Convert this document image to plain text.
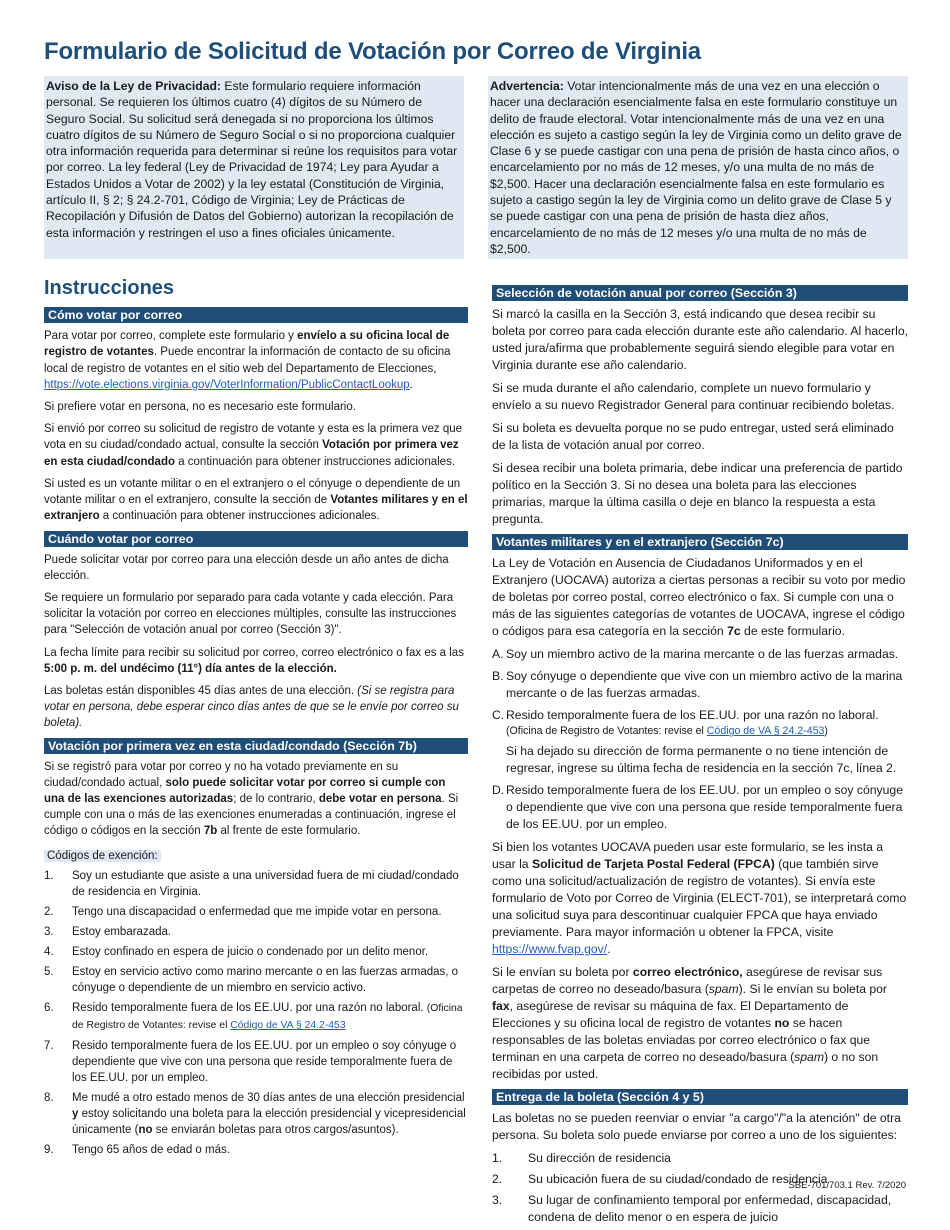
Formulario de Solicitud de Votación por Correo de Virginia
Aviso de la Ley de Privacidad: Este formulario requiere información personal. Se requieren los últimos cuatro (4) dígitos de su Número de Seguro Social. Su solicitud será denegada si no proporciona los últimos cuatro dígitos de su Número de Seguro Social o si no proporciona cualquier otra información requerida para determinar si reúne los requisitos para votar por correo. La ley federal (Ley de Privacidad de 1974; Ley para Ayudar a Estados Unidos a Votar de 2002) y la ley estatal (Constitución de Virginia, artículo II, § 2; § 24.2-701, Código de Virginia; Ley de Prácticas de Recopilación y Difusión de Datos del Gobierno) autorizan la recopilación de esta información y restringen el uso a fines oficiales únicamente.
Advertencia: Votar intencionalmente más de una vez en una elección o hacer una declaración esencialmente falsa en este formulario constituye un delito de fraude electoral. Votar intencionalmente más de una vez en una elección es sujeto a castigo según la ley de Virginia como un delito grave de Clase 6 y se puede castigar con una pena de prisión de hasta cinco años, o encarcelamiento por no más de 12 meses, y/o una multa de no más de $2,500. Hacer una declaración esencialmente falsa en este formulario es sujeto a castigo según la ley de Virginia como un delito grave de Clase 5 y se puede castigar con una pena de prisión de hasta diez años, encarcelamiento de no más de 12 meses y/o una multa de no más de $2,500.
Instrucciones
Cómo votar por correo

Para votar por correo, complete este formulario y envíelo a su oficina local de registro de votantes. Puede encontrar la información de contacto de su oficina local de registro de votantes en el sitio web del Departamento de Elecciones, https://vote.elections.virginia.gov/VoterInformation/PublicContactLookup.

Si prefiere votar en persona, no es necesario este formulario.

Si envió por correo su solicitud de registro de votante y esta es la primera vez que vota en su ciudad/condado actual, consulte la sección Votación por primera vez en esta ciudad/condado a continuación para obtener instrucciones adicionales.

Si usted es un votante militar o en el extranjero o el cónyuge o dependiente de un votante militar o en el extranjero, consulte la sección de Votantes militares y en el extranjero a continuación para obtener instrucciones adicionales.

Cuándo votar por correo

Puede solicitar votar por correo para una elección desde un año antes de dicha elección.

Se requiere un formulario por separado para cada votante y cada elección. Para solicitar la votación por correo en elecciones múltiples, consulte las instrucciones para "Selección de votación anual por correo (Sección 3)".

La fecha límite para recibir su solicitud por correo, correo electrónico o fax es a las 5:00 p. m. del undécimo (11°) día antes de la elección.

Las boletas están disponibles 45 días antes de una elección. (Si se registra para votar en persona, debe esperar cinco días antes de que se le envíe por correo su boleta).

Votación por primera vez en esta ciudad/condado (Sección 7b)

Si se registró para votar por correo y no ha votado previamente en su ciudad/condado actual, solo puede solicitar votar por correo si cumple con una de las exenciones autorizadas; de lo contrario, debe votar en persona. Si cumple con una o más de las exenciones enumeradas a continuación, ingrese el código o códigos en la sección 7b al frente de este formulario.

Códigos de exención:
1.	Soy un estudiante que asiste a una universidad fuera de mi ciudad/condado de residencia en Virginia.
2.	Tengo una discapacidad o enfermedad que me impide votar en persona.
3.	Estoy embarazada.
4.	Estoy confinado en espera de juicio o condenado por un delito menor.
5.	Estoy en servicio activo como marino mercante o en las fuerzas armadas, o cónyuge o dependiente de un miembro en servicio activo.
6.	Resido temporalmente fuera de los EE.UU. por una razón no laboral. (Oficina de Registro de Votantes: revise el Código de VA § 24.2-453
7.	Resido temporalmente fuera de los EE.UU. por un empleo o soy cónyuge o dependiente que vive con una persona que reside temporalmente fuera de los EE.UU. por un empleo.
8.	Me mudé a otro estado menos de 30 días antes de una elección presidencial y estoy solicitando una boleta para la elección presidencial y vicepresidencial únicamente (no se enviarán boletas para otros cargos/asuntos).
9.	Tengo 65 años de edad o más.
Selección de votación anual por correo (Sección 3)

Si marcó la casilla en la Sección 3, está indicando que desea recibir su boleta por correo para cada elección durante este año calendario. Al hacerlo, usted jura/afirma que probablemente seguirá siendo elegible para votar en Virginia durante ese año calendario.

Si se muda durante el año calendario, complete un nuevo formulario y envíelo a su nuevo Registrador General para continuar recibiendo boletas.

Si su boleta es devuelta porque no se pudo entregar, usted será eliminado de la lista de votación anual por correo.

Si desea recibir una boleta primaria, debe indicar una preferencia de partido político en la Sección 3. Si no desea una boleta para las elecciones primarias, marque la última casilla o deje en blanco la respuesta a esta pregunta.

Votantes militares y en el extranjero (Sección 7c)

La Ley de Votación en Ausencia de Ciudadanos Uniformados y en el Extranjero (UOCAVA) autoriza a ciertas personas a recibir su voto por medio de boletas por correo postal, correo electrónico o fax. Si cumple con una o más de las siguientes categorías de votantes de UOCAVA, ingrese el código o códigos para esa categoría en la sección 7c de este formulario.

A. Soy un miembro activo de la marina mercante o de las fuerzas armadas.
B. Soy cónyuge o dependiente que vive con un miembro activo de la marina mercante o de las fuerzas armadas.
C. Resido temporalmente fuera de los EE.UU. por una razón no laboral.
(Oficina de Registro de Votantes: revise el Código de VA § 24.2-453)

Si ha dejado su dirección de forma permanente o no tiene intención de regresar, ingrese su última fecha de residencia en la sección 7c, línea 2.

D. Resido temporalmente fuera de los EE.UU. por un empleo o soy cónyuge o dependiente que vive con una persona que reside temporalmente fuera de los EE.UU. por un empleo.

Si bien los votantes UOCAVA pueden usar este formulario, se les insta a usar la Solicitud de Tarjeta Postal Federal (FPCA) (que también sirve como una solicitud/actualización de registro de votantes). Si envía este formulario de Voto por Correo de Virginia (ELECT-701), se interpretará como una solicitud suya para descontinuar cualquier FPCA que haya enviado previamente. Para mayor información u obtener la FPCA, visite https://www.fvap.gov/.

Si le envían su boleta por correo electrónico, asegúrese de revisar sus carpetas de correo no deseado/basura (spam). Si le envían su boleta por fax, asegúrese de revisar su máquina de fax. El Departamento de Elecciones y su oficina local de registro de votantes no se hacen responsables de las boletas enviadas por correo electrónico o fax que terminan en una carpeta de correo no deseado/basura (spam) o no son recibidas por usted.

Entrega de la boleta (Sección 4 y 5)

Las boletas no se pueden reenviar o enviar "a cargo"/"a la atención" de otra persona. Su boleta solo puede enviarse por correo a uno de los siguientes:

1.	Su dirección de residencia
2.	Su ubicación fuera de su ciudad/condado de residencia
3.	Su lugar de confinamiento temporal por enfermedad, discapacidad, condena de delito menor o en espera de juicio
SBE-701/703.1 Rev. 7/2020
